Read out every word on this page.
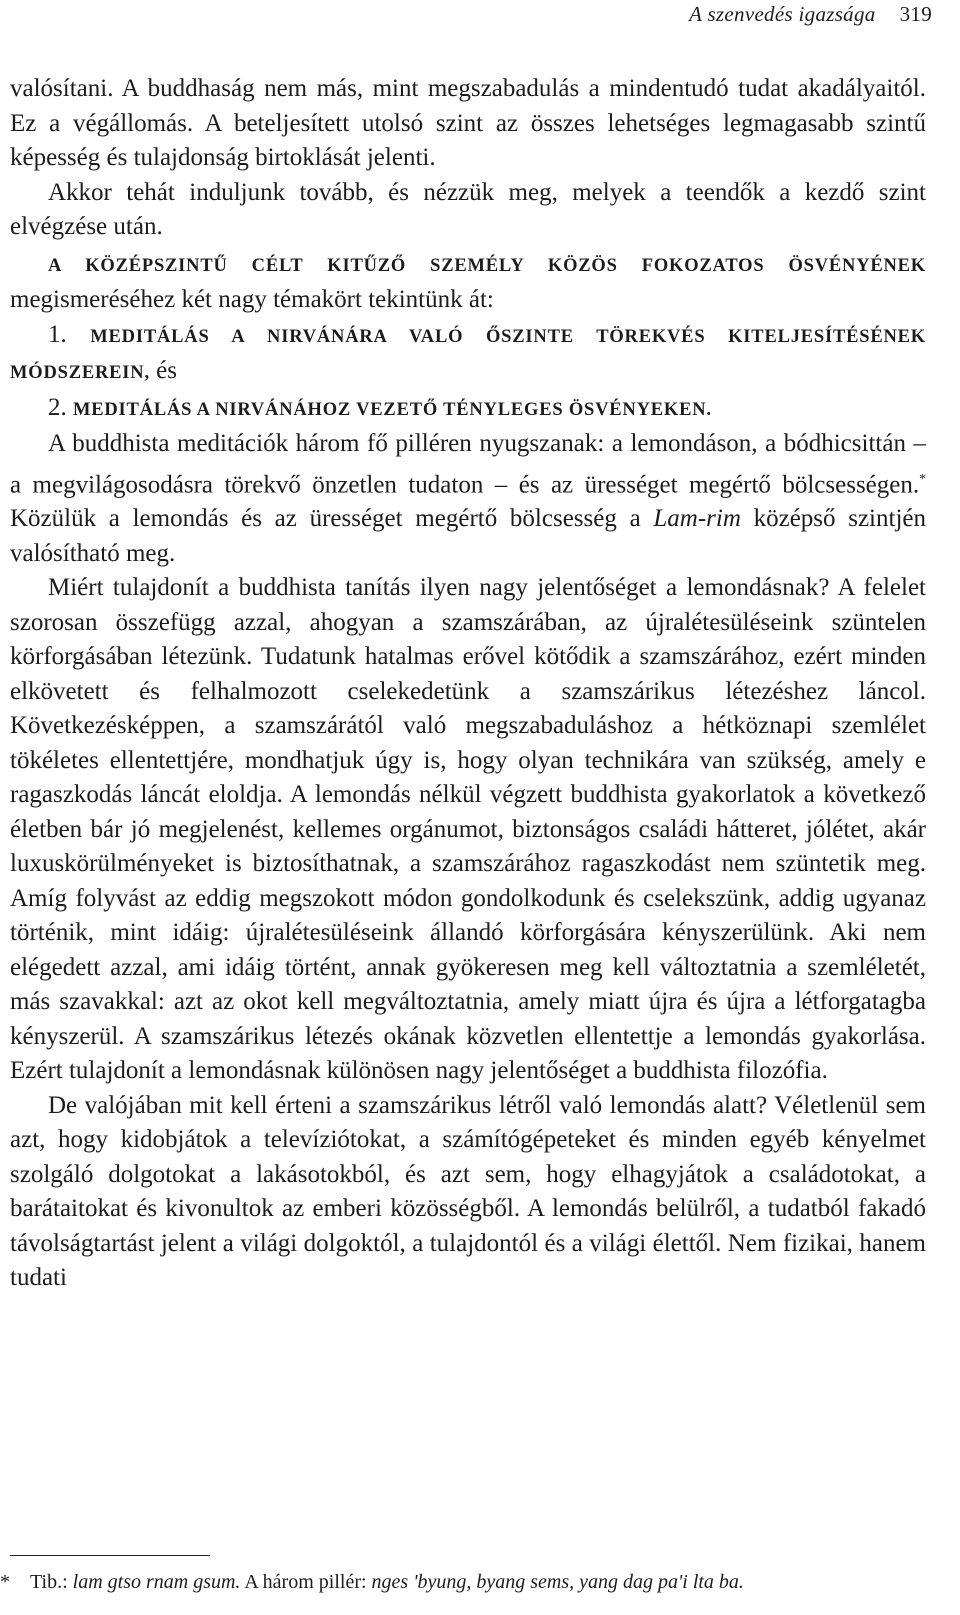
A szenvedés igazsága 319

valósítani. A buddhaság nem más, mint megszabadulás a mindentudó tudat akadályaitól. Ez a végállomás. A beteljesített utolsó szint az összes lehetséges legmagasabb szintű képesség és tulajdonság birtoklását jelenti.

Akkor tehát induljunk tovább, és nézzük meg, melyek a teendők a kezdő szint elvégzése után.

A KÖZÉPSZINTŰ CÉLT KITŰZŐ SZEMÉLY KÖZÖS FOKOZATOS ÖSVÉNYÉNEK megismeréséhez két nagy témakört tekintünk át:

1. MEDITÁLÁS A NIRVÁNÁRA VALÓ ŐSZINTE TÖREKVÉS KITELJESÍTÉSÉNEK MÓDSZEREIN, és

2. MEDITÁLÁS A NIRVÁNÁHOZ VEZETŐ TÉNYLEGES ÖSVÉNYEKEN.

A buddhista meditációk három fő pilléren nyugszanak: a lemondáson, a bódhicsittán – a megvilágosodásra törekvő önzetlen tudaton – és az ürességet megértő bölcsességen.* Közülük a lemondás és az ürességet megértő bölcsesség a Lam-rim középső szintjén valósítható meg.

Miért tulajdonít a buddhista tanítás ilyen nagy jelentőséget a lemondásnak? A felelet szorosan összefügg azzal, ahogyan a szamszárában, az újralétesüléseink szüntelen körforgásában létezünk. Tudatunk hatalmas erővel kötődik a szamszárához, ezért minden elkövetett és felhalmozott cselekedetünk a szamszárikus létezéshez láncol. Következésképpen, a szamszárától való megszabaduláshoz a hétköznapi szemlélet tökéletes ellentettjére, mondhatjuk úgy is, hogy olyan technikára van szükség, amely e ragaszkodás láncát eloldja. A lemondás nélkül végzett buddhista gyakorlatok a következő életben bár jó megjelenést, kellemes orgánumot, biztonságos családi hátteret, jólétet, akár luxuskörülményeket is biztosíthatnak, a szamszárához ragaszkodást nem szüntetik meg. Amíg folyvást az eddig megszokott módon gondolkodunk és cselekszünk, addig ugyanaz történik, mint idáig: újralétesüléseink állandó körforgására kényszerülünk. Aki nem elégedett azzal, ami idáig történt, annak gyökeresen meg kell változtatnia a szemléletét, más szavakkal: azt az okot kell megváltoztatnia, amely miatt újra és újra a létforgatagba kényszerül. A szamszárikus létezés okának közvetlen ellentettje a lemondás gyakorlása. Ezért tulajdonít a lemondásnak különösen nagy jelentőséget a buddhista filozófia.

De valójában mit kell érteni a szamszárikus létről való lemondás alatt? Véletlenül sem azt, hogy kidobjátok a televíziótokat, a számítógépeteket és minden egyéb kényelmet szolgáló dolgotokat a lakásotokból, és azt sem, hogy elhagyjátok a családotokat, a barátaitokat és kivonultok az emberi közösségből. A lemondás belülről, a tudatból fakadó távolságtartást jelent a világi dolgoktól, a tulajdontól és a világi élettől. Nem fizikai, hanem tudati

* Tib.: lam gtso rnam gsum. A három pillér: nges 'byung, byang sems, yang dag pa'i lta ba.
